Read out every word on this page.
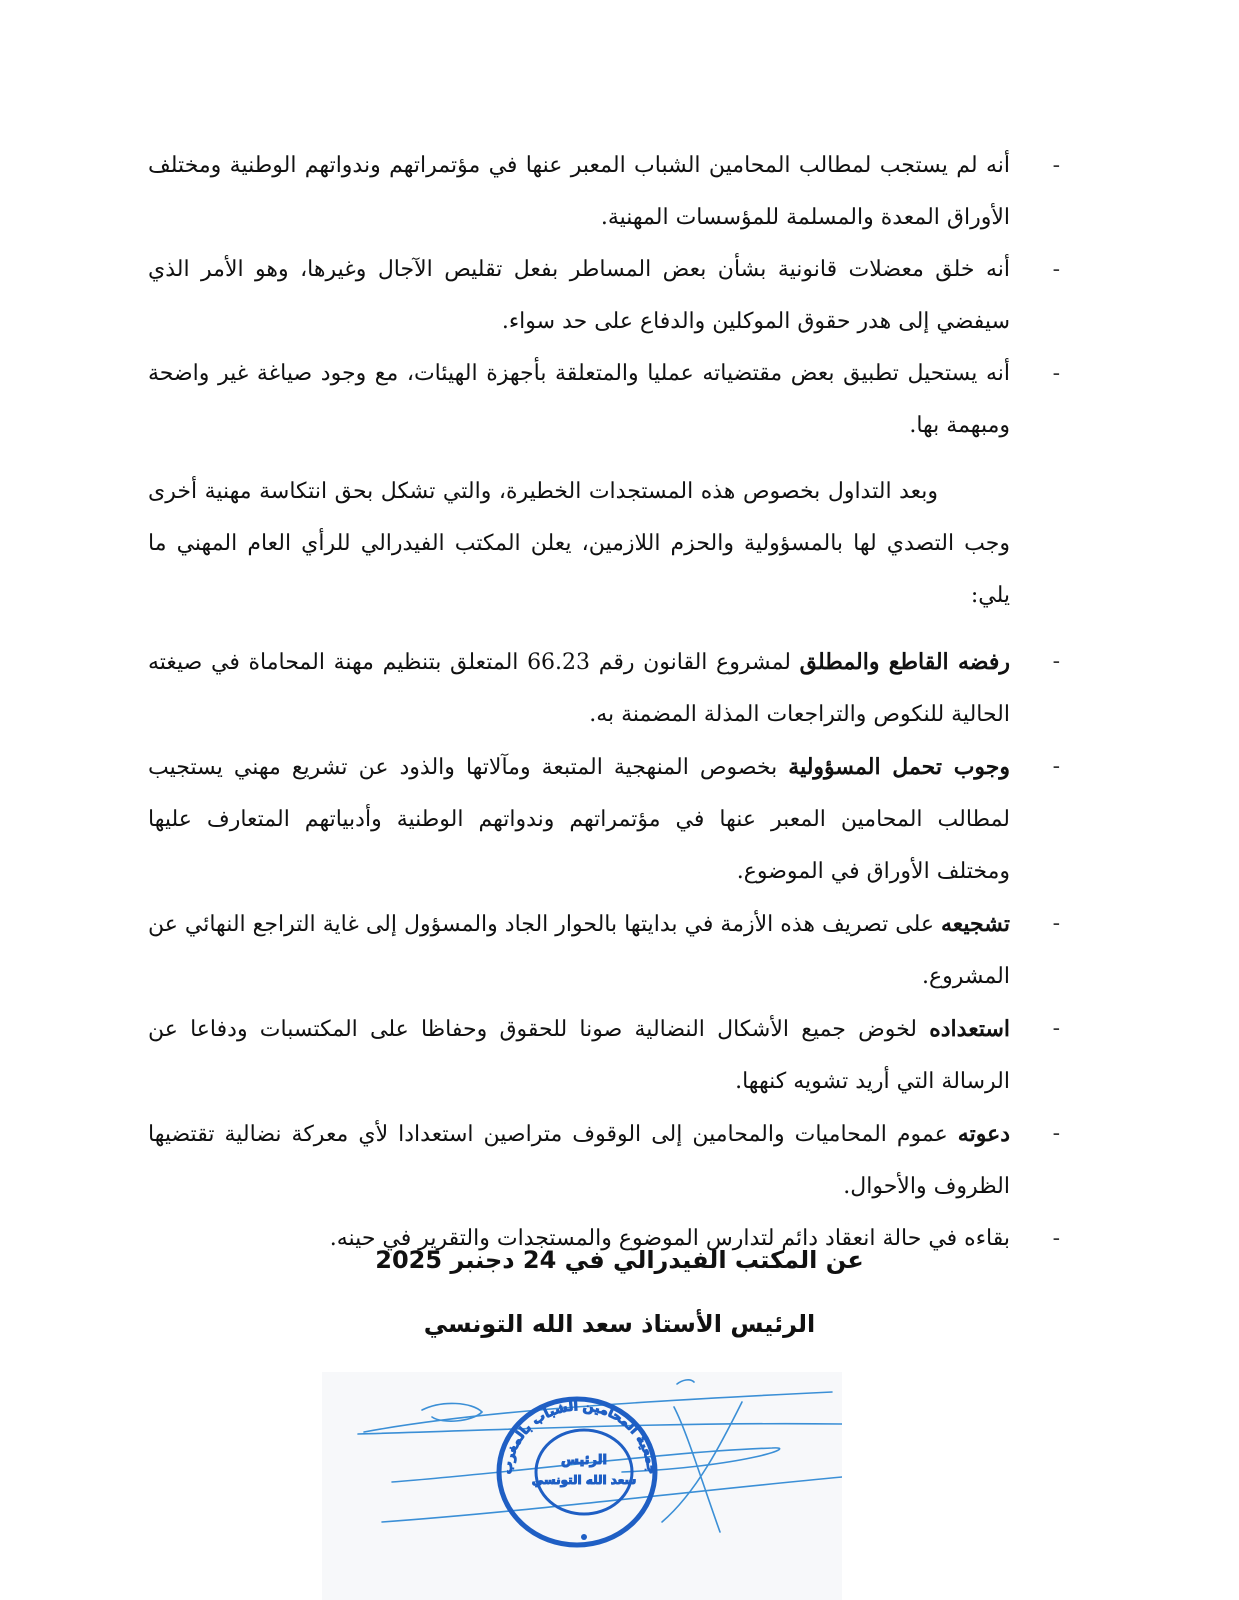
-
أنه لم يستجب لمطالب المحامين الشباب المعبر عنها في مؤتمراتهم وندواتهم الوطنية ومختلف الأوراق المعدة والمسلمة للمؤسسات المهنية.
-
أنه خلق معضلات قانونية بشأن بعض المساطر بفعل تقليص الآجال وغيرها، وهو الأمر الذي سيفضي إلى هدر حقوق الموكلين والدفاع على حد سواء.
-
أنه يستحيل تطبيق بعض مقتضياته عمليا والمتعلقة بأجهزة الهيئات، مع وجود صياغة غير واضحة ومبهمة بها.

وبعد التداول بخصوص هذه المستجدات الخطيرة، والتي تشكل بحق انتكاسة مهنية أخرى وجب التصدي لها بالمسؤولية والحزم اللازمين، يعلن المكتب الفيدرالي للرأي العام المهني ما يلي:

-
رفضه القاطع والمطلق لمشروع القانون رقم 66.23 المتعلق بتنظيم مهنة المحاماة في صيغته الحالية للنكوص والتراجعات المذلة المضمنة به.
-
وجوب تحمل المسؤولية بخصوص المنهجية المتبعة ومآلاتها والذود عن تشريع مهني يستجيب لمطالب المحامين المعبر عنها في مؤتمراتهم وندواتهم الوطنية وأدبياتهم المتعارف عليها ومختلف الأوراق في الموضوع.
-
تشجيعه على تصريف هذه الأزمة في بدايتها بالحوار الجاد والمسؤول إلى غاية التراجع النهائي عن المشروع.
-
استعداده لخوض جميع الأشكال النضالية صونا للحقوق وحفاظا على المكتسبات ودفاعا عن الرسالة التي أريد تشويه كنهها.
-
دعوته عموم المحاميات والمحامين إلى الوقوف متراصين استعدادا لأي معركة نضالية تقتضيها الظروف والأحوال.
-
بقاءه في حالة انعقاد دائم لتدارس الموضوع والمستجدات والتقرير في حينه.
عن المكتب الفيدرالي في 24 دجنبر 2025
الرئيس الأستاذ سعد الله التونسي
الرئيس
سعد الله التونسي
جمعية المحامين الشباب بالمغرب
